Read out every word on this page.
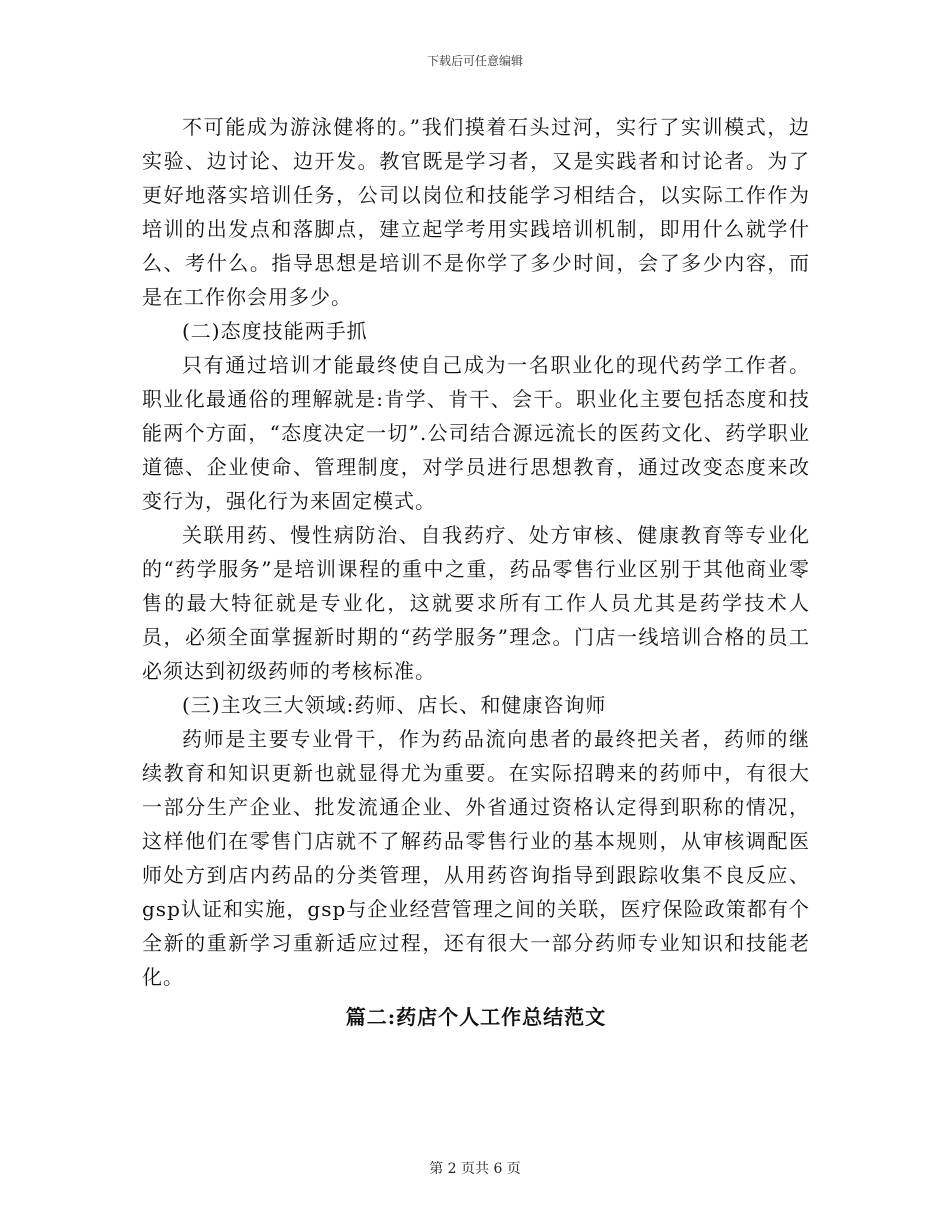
下载后可任意编辑

不可能成为游泳健将的。”我们摸着石头过河，实行了实训模式，边实验、边讨论、边开发。教官既是学习者，又是实践者和讨论者。为了更好地落实培训任务，公司以岗位和技能学习相结合，以实际工作作为培训的出发点和落脚点，建立起学考用实践培训机制，即用什么就学什么、考什么。指导思想是培训不是你学了多少时间，会了多少内容，而是在工作你会用多少。

(二)态度技能两手抓

只有通过培训才能最终使自己成为一名职业化的现代药学工作者。职业化最通俗的理解就是:肯学、肯干、会干。职业化主要包括态度和技能两个方面，“态度决定一切”.公司结合源远流长的医药文化、药学职业道德、企业使命、管理制度，对学员进行思想教育，通过改变态度来改变行为，强化行为来固定模式。

关联用药、慢性病防治、自我药疗、处方审核、健康教育等专业化的“药学服务”是培训课程的重中之重，药品零售行业区别于其他商业零售的最大特征就是专业化，这就要求所有工作人员尤其是药学技术人员，必须全面掌握新时期的“药学服务”理念。门店一线培训合格的员工必须达到初级药师的考核标准。

(三)主攻三大领域:药师、店长、和健康咨询师

药师是主要专业骨干，作为药品流向患者的最终把关者，药师的继续教育和知识更新也就显得尤为重要。在实际招聘来的药师中，有很大一部分生产企业、批发流通企业、外省通过资格认定得到职称的情况，这样他们在零售门店就不了解药品零售行业的基本规则，从审核调配医师处方到店内药品的分类管理，从用药咨询指导到跟踪收集不良反应、gsp认证和实施，gsp与企业经营管理之间的关联，医疗保险政策都有个全新的重新学习重新适应过程，还有很大一部分药师专业知识和技能老化。

篇二:药店个人工作总结范文
第 2 页共 6 页
